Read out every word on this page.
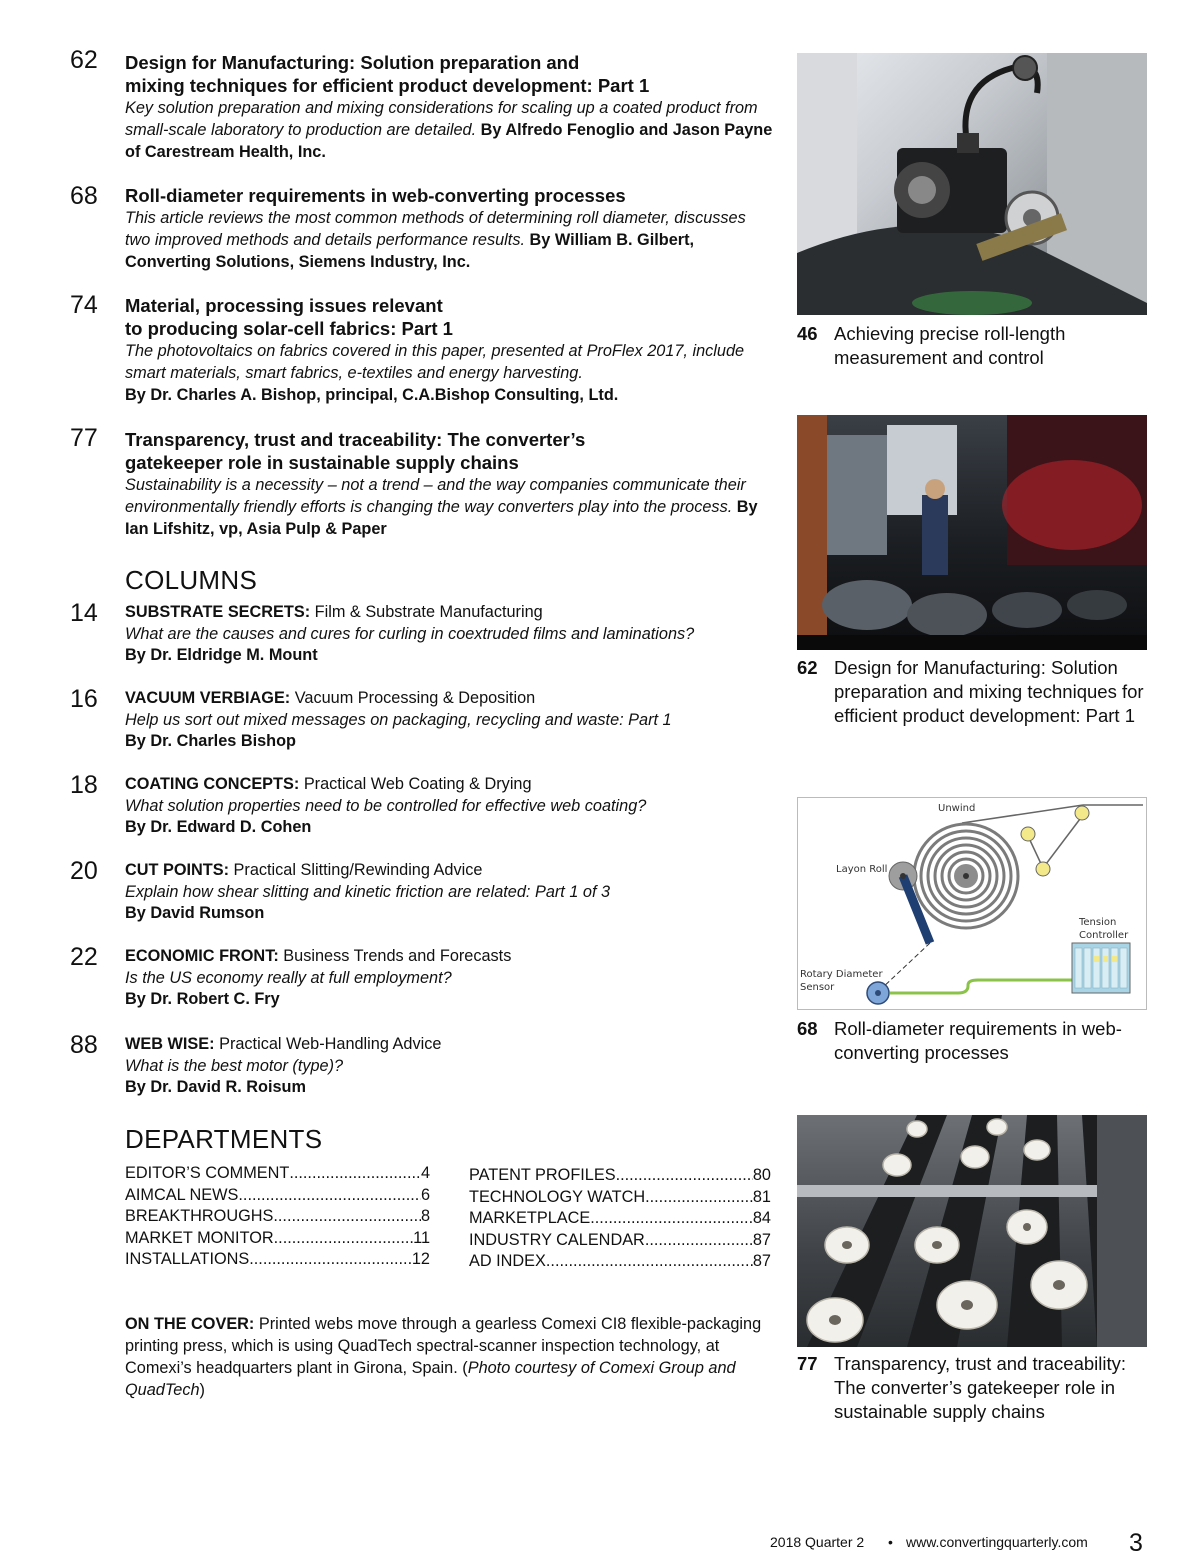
62 Design for Manufacturing: Solution preparation and
mixing techniques for efficient product development: Part 1
Key solution preparation and mixing considerations for scaling up a coated product from small-scale laboratory to production are detailed. By Alfredo Fenoglio and Jason Payne of Carestream Health, Inc.
68 Roll-diameter requirements in web-converting processes
This article reviews the most common methods of determining roll diameter, discusses two improved methods and details performance results. By William B. Gilbert, Converting Solutions, Siemens Industry, Inc.
74 Material, processing issues relevant
to producing solar-cell fabrics: Part 1
The photovoltaics on fabrics covered in this paper, presented at ProFlex 2017, include smart materials, smart fabrics, e-textiles and energy harvesting.
By Dr. Charles A. Bishop, principal, C.A.Bishop Consulting, Ltd.
77 Transparency, trust and traceability: The converter’s
gatekeeper role in sustainable supply chains
Sustainability is a necessity – not a trend – and the way companies communicate their environmentally friendly efforts is changing the way converters play into the process. By Ian Lifshitz, vp, Asia Pulp & Paper
COLUMNS
14 SUBSTRATE SECRETS: Film & Substrate Manufacturing
What are the causes and cures for curling in coextruded films and laminations?
By Dr. Eldridge M. Mount
16 VACUUM VERBIAGE: Vacuum Processing & Deposition
Help us sort out mixed messages on packaging, recycling and waste: Part 1
By Dr. Charles Bishop
18 COATING CONCEPTS: Practical Web Coating & Drying
What solution properties need to be controlled for effective web coating?
By Dr. Edward D. Cohen
20 CUT POINTS: Practical Slitting/Rewinding Advice
Explain how shear slitting and kinetic friction are related: Part 1 of 3
By David Rumson
22 ECONOMIC FRONT: Business Trends and Forecasts
Is the US economy really at full employment?
By Dr. Robert C. Fry
88 WEB WISE: Practical Web-Handling Advice
What is the best motor (type)?
By Dr. David R. Roisum
DEPARTMENTS
EDITOR’S COMMENT .....	4
AIMCAL NEWS .....	6
BREAKTHROUGHS .....	8
MARKET MONITOR .....	11
INSTALLATIONS .....	12
PATENT PROFILES .....	80
TECHNOLOGY WATCH .....	81
MARKETPLACE .....	84
INDUSTRY CALENDAR .....	87
AD INDEX .....	87
ON THE COVER: Printed webs move through a gearless Comexi CI8 flexible-packaging printing press, which is using QuadTech spectral-scanner inspection technology, at Comexi’s headquarters plant in Girona, Spain. (Photo courtesy of Comexi Group and QuadTech)
46 Achieving precise roll-length measurement and control
62 Design for Manufacturing: Solution preparation and mixing techniques for efficient product development: Part 1
Unwind
Layon Roll
Tension
Controller
Rotary Diameter
Sensor
68 Roll-diameter requirements in web-converting processes
77 Transparency, trust and traceability: The converter’s gatekeeper role in sustainable supply chains
2018 Quarter 2 • www.convertingquarterly.com 3
